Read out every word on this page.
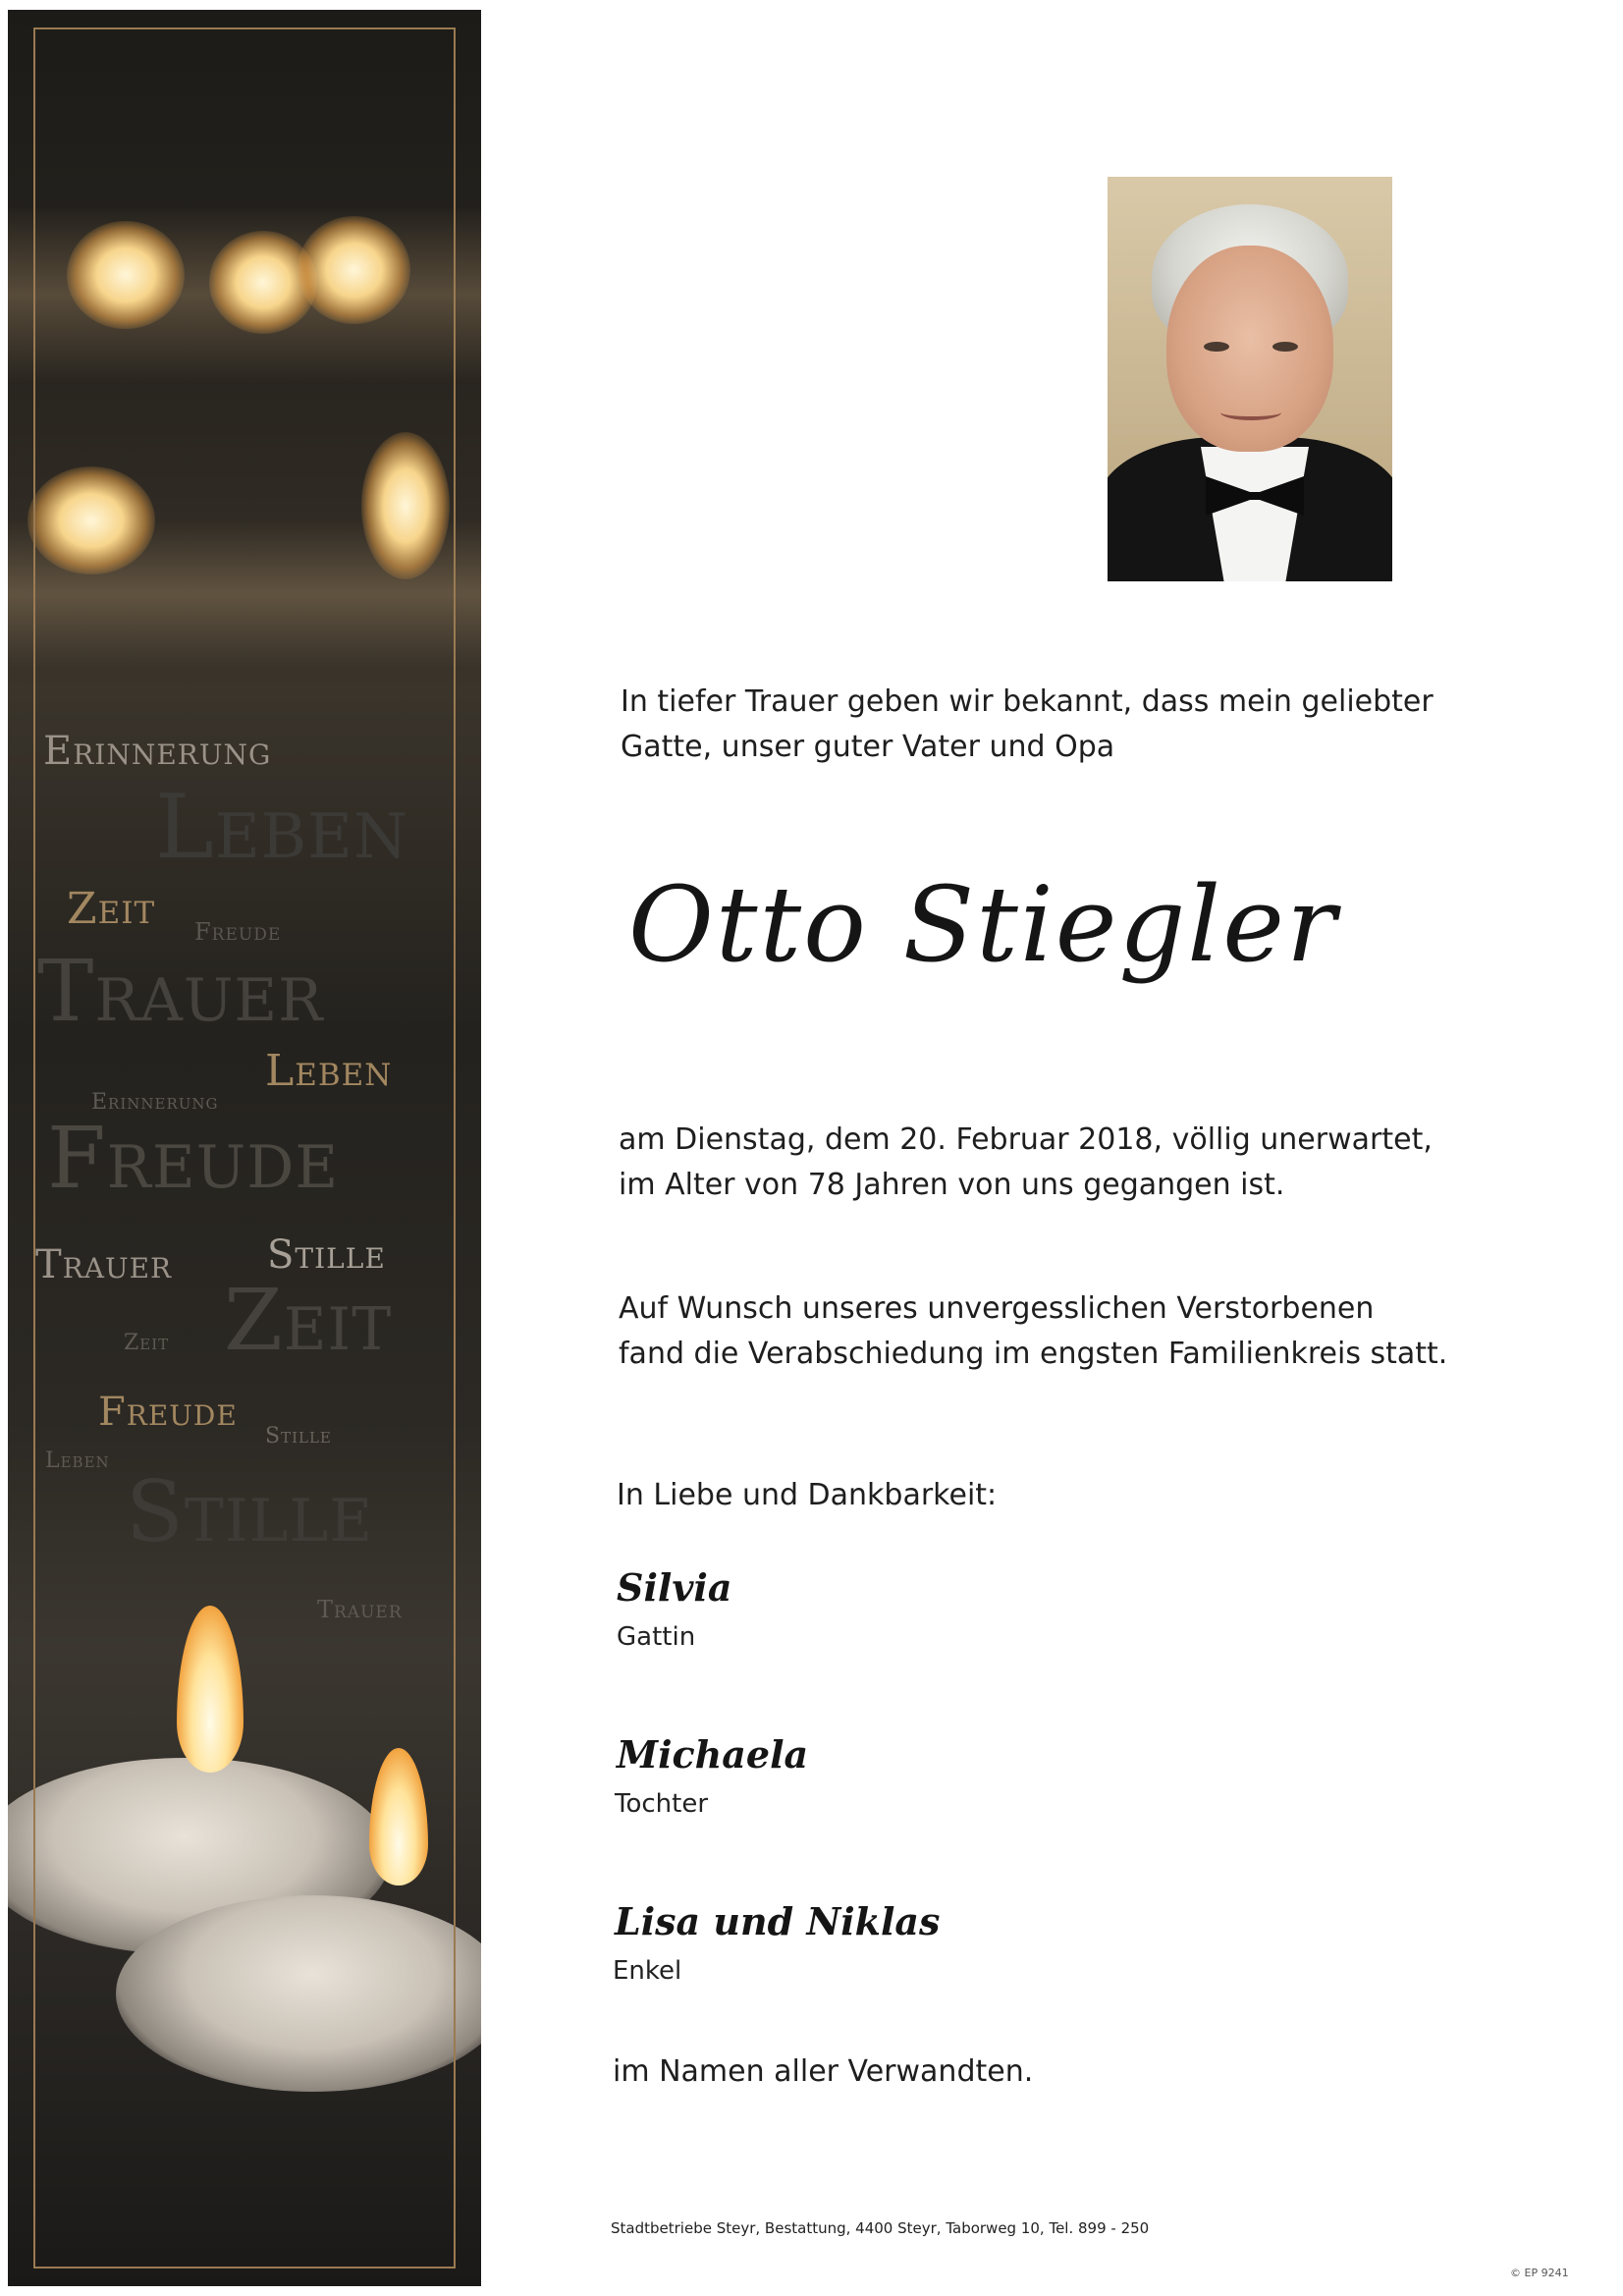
Erinnerung
Leben
Zeit Freude
Trauer
Leben
Erinnerung
Freude
Trauer Stille
Zeit
Zeit
Freude
Stille
Leben
Stille
Trauer
In tiefer Trauer geben wir bekannt, dass mein geliebter
Gatte, unser guter Vater und Opa
Otto Stiegler
am Dienstag, dem 20. Februar 2018, völlig unerwartet,
im Alter von 78 Jahren von uns gegangen ist.
Auf Wunsch unseres unvergesslichen Verstorbenen
fand die Verabschiedung im engsten Familienkreis statt.
In Liebe und Dankbarkeit:
Silvia
Gattin
Michaela
Tochter
Lisa und Niklas
Enkel
im Namen aller Verwandten.
Stadtbetriebe Steyr, Bestattung, 4400 Steyr, Taborweg 10, Tel. 899 - 250
© EP 9241
